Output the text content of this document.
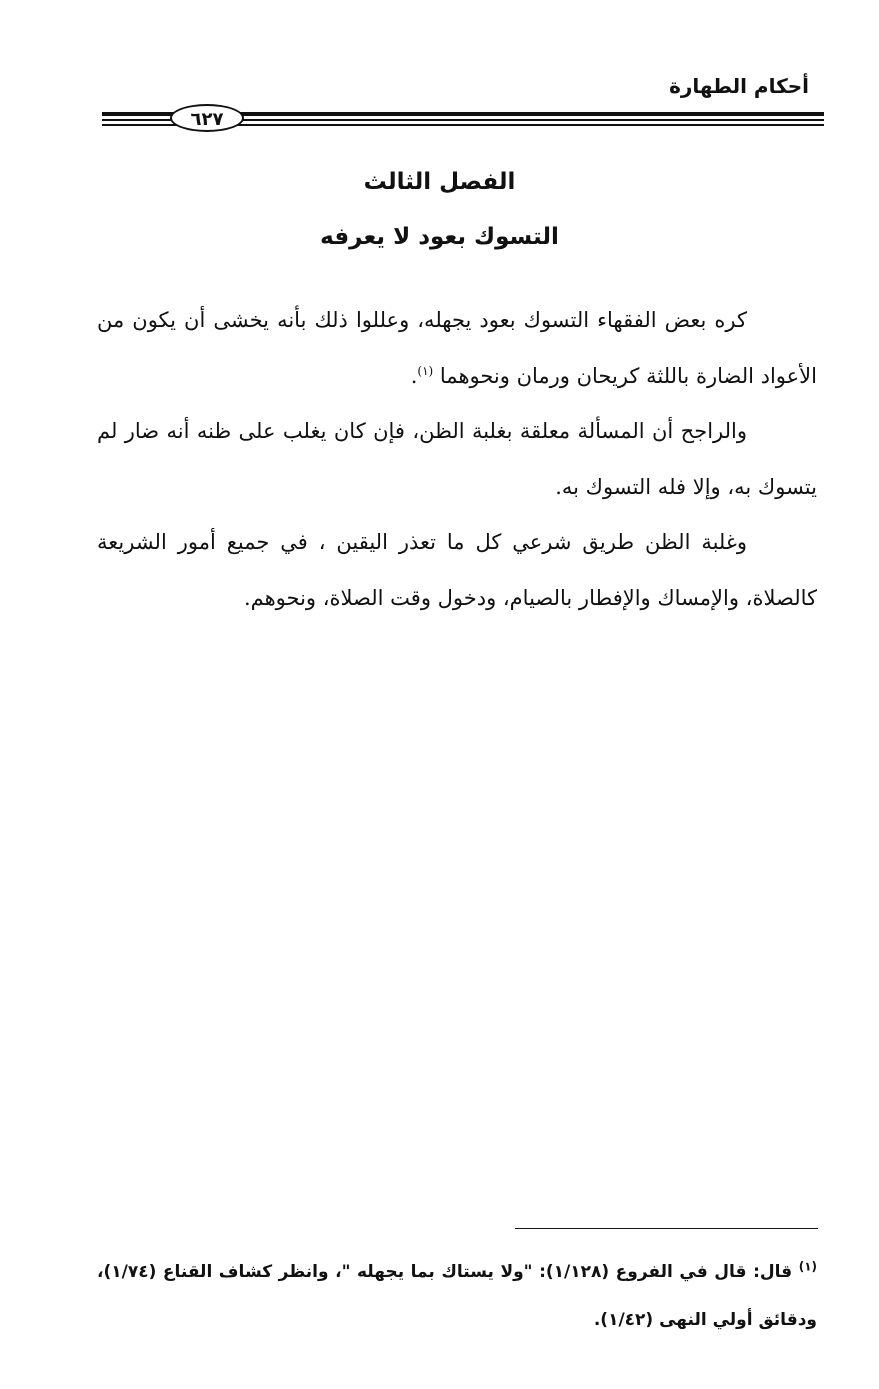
أحكام الطهارة
٦٢٧
الفصل الثالث
التسوك بعود لا يعرفه

كره بعض الفقهاء التسوك بعود يجهله، وعللوا ذلك بأنه يخشى أن يكون من الأعواد الضارة باللثة كريحان ورمان ونحوهما $^{(١)}$.

والراجح أن المسألة معلقة بغلبة الظن، فإن كان يغلب على ظنه أنه ضار لم يتسوك به، وإلا فله التسوك به.

وغلبة الظن طريق شرعي كل ما تعذر اليقين ، في جميع أمور الشريعة كالصلاة، والإمساك والإفطار بالصيام، ودخول وقت الصلاة، ونحوهم.

$^{(١)}$ قال: قال في الفروع (١/١٢٨): "ولا يستاك بما يجهله "، وانظر كشاف القناع (١/٧٤)، ودقائق أولي النهى (١/٤٢).
